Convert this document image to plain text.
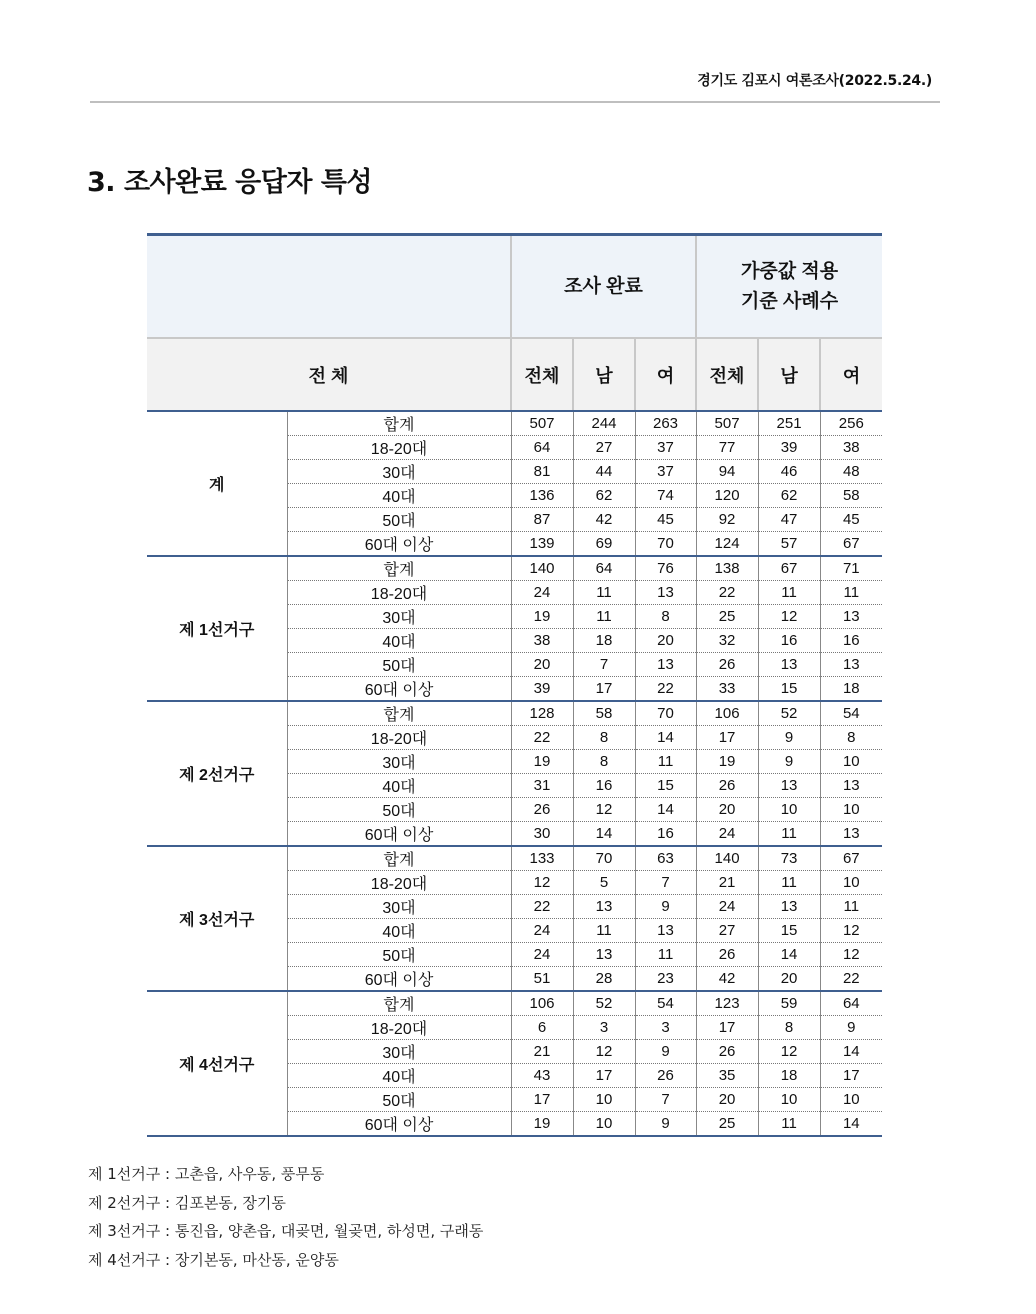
경기도 김포시 여론조사(2022.5.24.)
3. 조사완료 응답자 특성
		조사 완료			가중값 적용
기준 사례수		

전 체		전체	남	여	전체	남	여
계	합계	507	244	263	507	251	256
	18-20대	64	27	37	77	39	38
	30대	81	44	37	94	46	48
	40대	136	62	74	120	62	58
	50대	87	42	45	92	47	45
	60대 이상	139	69	70	124	57	67
제 1선거구	합계	140	64	76	138	67	71
	18-20대	24	11	13	22	11	11
	30대	19	11	8	25	12	13
	40대	38	18	20	32	16	16
	50대	20	7	13	26	13	13
	60대 이상	39	17	22	33	15	18
제 2선거구	합계	128	58	70	106	52	54
	18-20대	22	8	14	17	9	8
	30대	19	8	11	19	9	10
	40대	31	16	15	26	13	13
	50대	26	12	14	20	10	10
	60대 이상	30	14	16	24	11	13
제 3선거구	합계	133	70	63	140	73	67
	18-20대	12	5	7	21	11	10
	30대	22	13	9	24	13	11
	40대	24	11	13	27	15	12
	50대	24	13	11	26	14	12
	60대 이상	51	28	23	42	20	22
제 4선거구	합계	106	52	54	123	59	64
	18-20대	6	3	3	17	8	9
	30대	21	12	9	26	12	14
	40대	43	17	26	35	18	17
	50대	17	10	7	20	10	10
	60대 이상	19	10	9	25	11	14
제 1선거구 : 고촌읍, 사우동, 풍무동
제 2선거구 : 김포본동, 장기동
제 3선거구 : 통진읍, 양촌읍, 대곶면, 월곶면, 하성면, 구래동
제 4선거구 : 장기본동, 마산동, 운양동
